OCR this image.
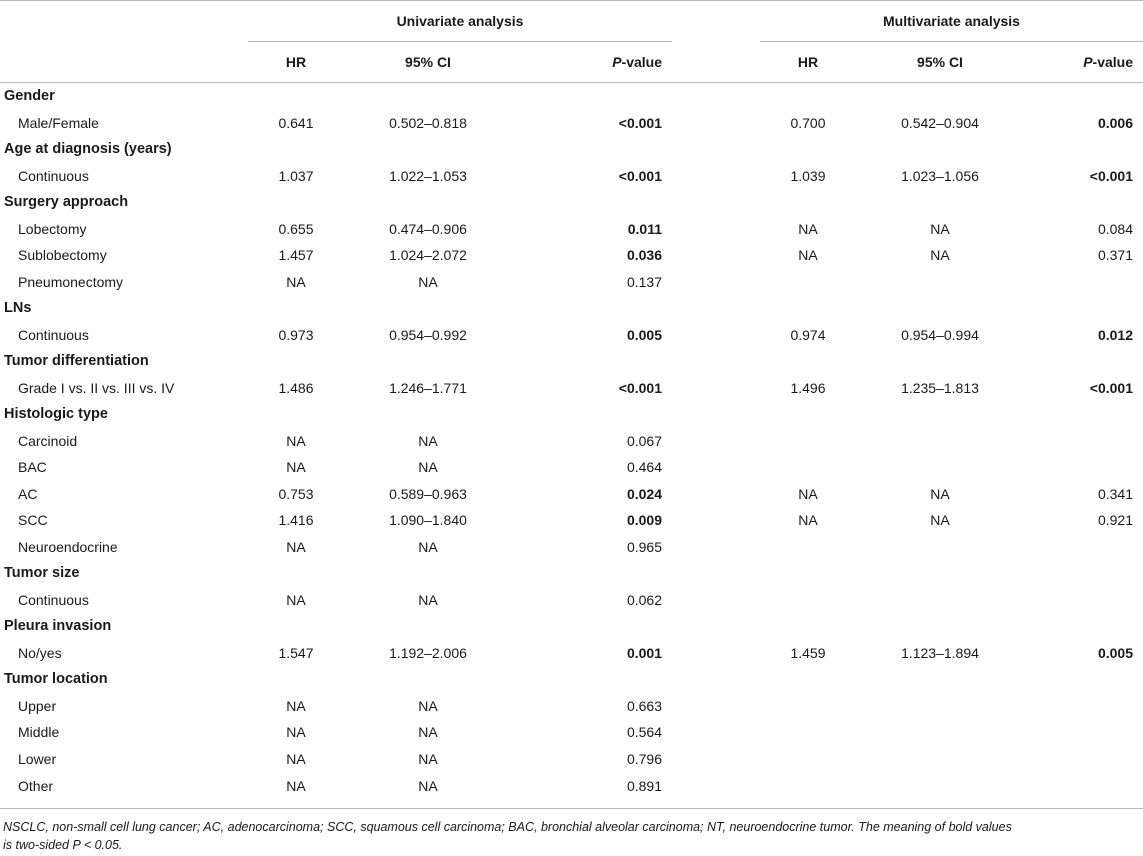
	Univariate analysis				Multivariate analysis		
	HR	95% CI	P-value		HR	95% CI	P-value
Gender							
Male/Female	0.641	0.502–0.818	<0.001		0.700	0.542–0.904	0.006
Age at diagnosis (years)							
Continuous	1.037	1.022–1.053	<0.001		1.039	1.023–1.056	<0.001
Surgery approach							
Lobectomy	0.655	0.474–0.906	0.011		NA	NA	0.084
Sublobectomy	1.457	1.024–2.072	0.036		NA	NA	0.371
Pneumonectomy	NA	NA	0.137				
LNs							
Continuous	0.973	0.954–0.992	0.005		0.974	0.954–0.994	0.012
Tumor differentiation							
Grade I vs. II vs. III vs. IV	1.486	1.246–1.771	<0.001		1.496	1.235–1.813	<0.001
Histologic type							
Carcinoid	NA	NA	0.067				
BAC	NA	NA	0.464				
AC	0.753	0.589–0.963	0.024		NA	NA	0.341
SCC	1.416	1.090–1.840	0.009		NA	NA	0.921
Neuroendocrine	NA	NA	0.965				
Tumor size							
Continuous	NA	NA	0.062				
Pleura invasion							
No/yes	1.547	1.192–2.006	0.001		1.459	1.123–1.894	0.005
Tumor location							
Upper	NA	NA	0.663				
Middle	NA	NA	0.564				
Lower	NA	NA	0.796				
Other	NA	NA	0.891				
NSCLC, non-small cell lung cancer; AC, adenocarcinoma; SCC, squamous cell carcinoma; BAC, bronchial alveolar carcinoma; NT, neuroendocrine tumor. The meaning of bold values
is two-sided P < 0.05.
